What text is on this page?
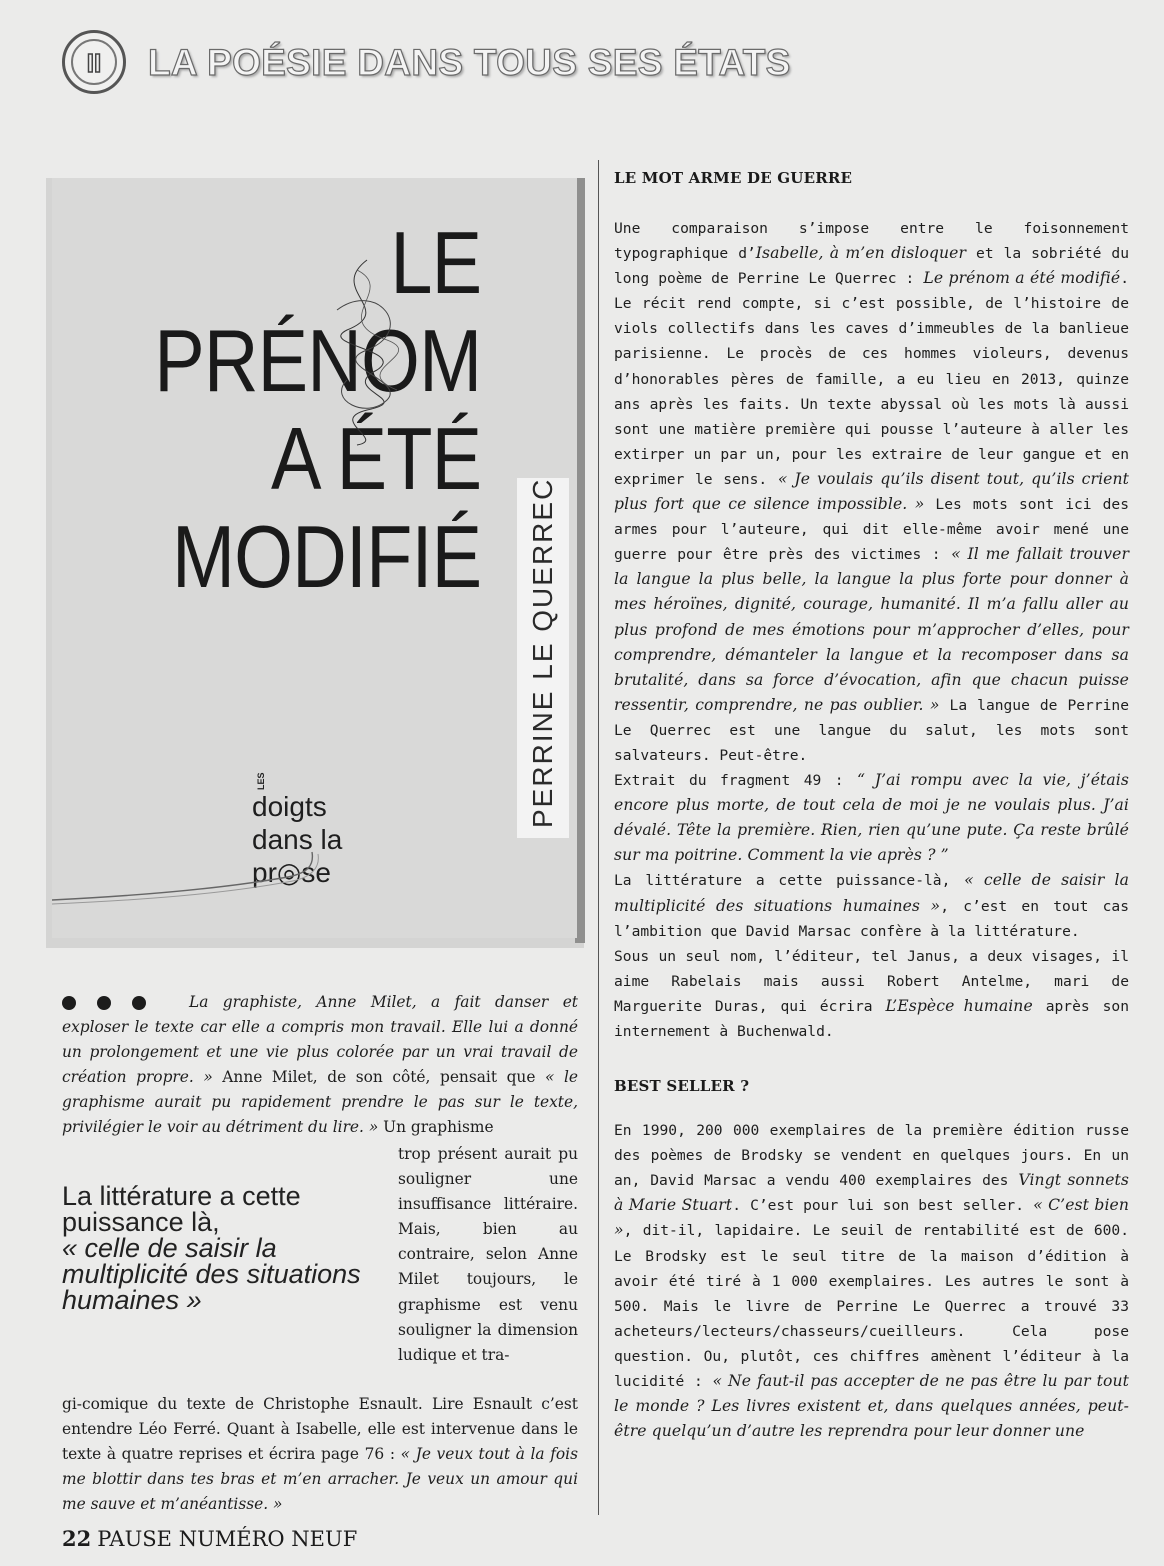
II	LA POÉSIE DANS TOUS SES ÉTATS
LE
PRÉNOM
A ÉTÉ
MODIFIÉ PERRINE LE QUERREC
LES
doigts
dans la
pr◎se

La graphiste, Anne Milet, a fait danser et exploser le texte car elle a compris mon travail. Elle lui a donné un prolongement et une vie plus colorée par un vrai travail de création propre. » Anne Milet, de son côté, pensait que « le graphisme aurait pu rapidement prendre le pas sur le texte, privilégier le voir au détriment du lire. » Un graphisme

trop présent aurait pu souligner une insuffisance littéraire. Mais, bien au contraire, selon Anne Milet toujours, le graphisme est venu souligner la dimension ludique et tra-

La littérature a cette puissance là,
« celle de saisir la multiplicité des situations humaines »

gi-comique du texte de Christophe Esnault. Lire Esnault c’est entendre Léo Ferré. Quant à Isabelle, elle est intervenue dans le texte à quatre reprises et écrira page 76 : « Je veux tout à la fois me blottir dans tes bras et m’en arracher. Je veux un amour qui me sauve et m’anéantisse. »

LE MOT ARME DE GUERRE

Une comparaison s’impose entre le foisonnement typographique d’Isabelle, à m’en disloquer et la sobriété du long poème de Perrine Le Querrec : Le prénom a été modifié. Le récit rend compte, si c’est possible, de l’histoire de viols collectifs dans les caves d’immeubles de la banlieue parisienne. Le procès de ces hommes violeurs, devenus d’honorables pères de famille, a eu lieu en 2013, quinze ans après les faits. Un texte abyssal où les mots là aussi sont une matière première qui pousse l’auteure à aller les extirper un par un, pour les extraire de leur gangue et en exprimer le sens. « Je voulais qu’ils disent tout, qu’ils crient plus fort que ce silence impossible. » Les mots sont ici des armes pour l’auteure, qui dit elle-même avoir mené une guerre pour être près des victimes : « Il me fallait trouver la langue la plus belle, la langue la plus forte pour donner à mes héroïnes, dignité, courage, humanité. Il m’a fallu aller au plus profond de mes émotions pour m’approcher d’elles, pour comprendre, démanteler la langue et la recomposer dans sa brutalité, dans sa force d’évocation, afin que chacun puisse ressentir, comprendre, ne pas oublier. » La langue de Perrine Le Querrec est une langue du salut, les mots sont salvateurs. Peut-être.

Extrait du fragment 49 : “ J’ai rompu avec la vie, j’étais encore plus morte, de tout cela de moi je ne voulais plus. J’ai dévalé. Tête la première. Rien, rien qu’une pute. Ça reste brûlé sur ma poitrine. Comment la vie après ? ”

La littérature a cette puissance-là, « celle de saisir la multiplicité des situations humaines », c’est en tout cas l’ambition que David Marsac confère à la littérature.

Sous un seul nom, l’éditeur, tel Janus, a deux visages, il aime Rabelais mais aussi Robert Antelme, mari de Marguerite Duras, qui écrira L’Espèce humaine après son internement à Buchenwald.

BEST SELLER ?

En 1990, 200 000 exemplaires de la première édition russe des poèmes de Brodsky se vendent en quelques jours. En un an, David Marsac a vendu 400 exemplaires des Vingt sonnets à Marie Stuart. C’est pour lui son best seller. « C’est bien », dit-il, lapidaire. Le seuil de rentabilité est de 600. Le Brodsky est le seul titre de la maison d’édition à avoir été tiré à 1 000 exemplaires. Les autres le sont à 500. Mais le livre de Perrine Le Querrec a trouvé 33 acheteurs/lecteurs/chasseurs/cueilleurs. Cela pose question. Ou, plutôt, ces chiffres amènent l’éditeur à la lucidité : « Ne faut-il pas accepter de ne pas être lu par tout le monde ? Les livres existent et, dans quelques années, peut-être quelqu’un d’autre les reprendra pour leur donner une

22 PAUSE NUMÉRO NEUF
